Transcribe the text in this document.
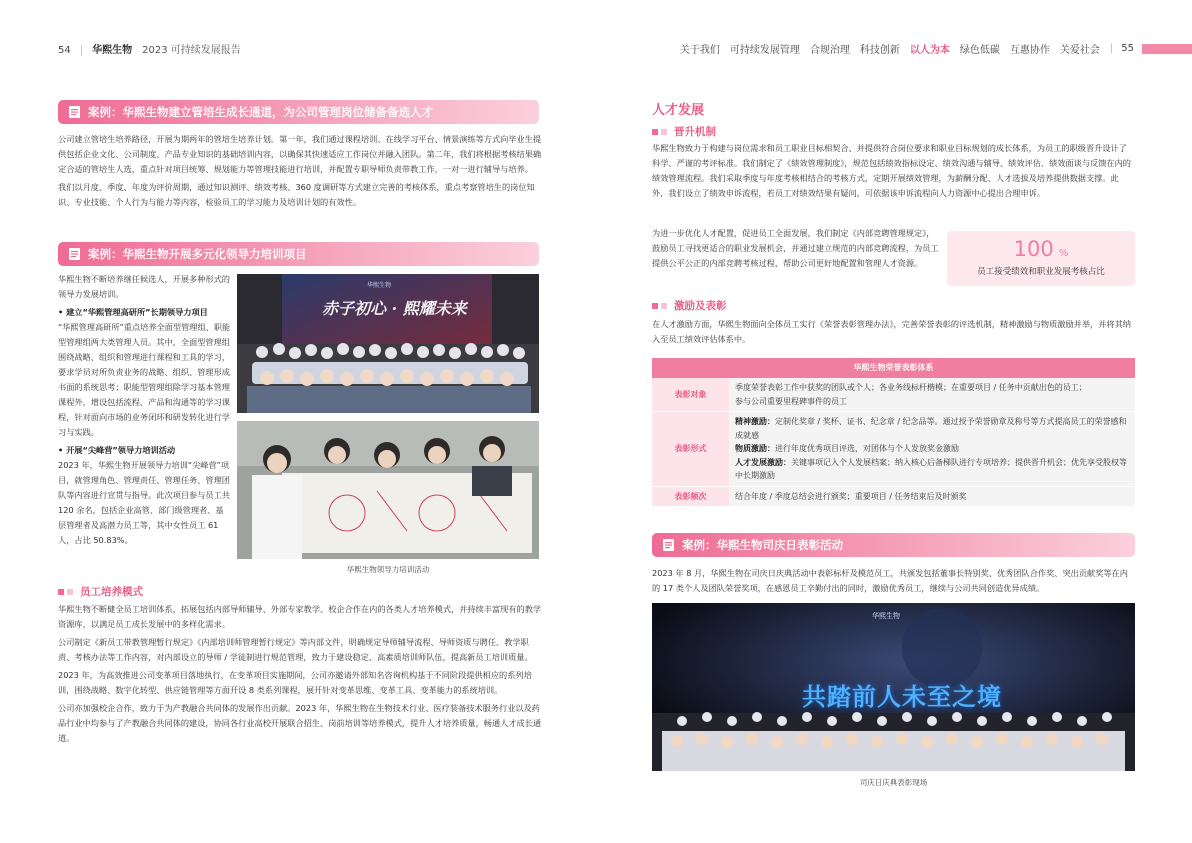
54 | 华熙生物 2023 可持续发展报告	关于我们 可持续发展管理 合规治理 科技创新 以人为本 绿色低碳 互惠协作 关爱社会 | 55
案例：华熙生物建立管培生成长通道，为公司管理岗位储备备选人才

公司建立管培生培养路径，开展为期两年的管培生培养计划。第一年，我们通过课程培训、在线学习平台、情景演练等方式向毕业生提供包括企业文化、公司制度、产品专业知识的基础培训内容，以确保其快速适应工作岗位并融入团队。第二年，我们将根据考核结果确定合适的管培生人选，重点针对项目统筹、规划能力等管理技能进行培训，并配置专职导师负责带教工作，一对一进行辅导与培养。

我们以月度、季度、年度为评价周期，通过知识测评、绩效考核、360 度调研等方式建立完善的考核体系，重点考察管培生的岗位知识、专业技能、个人行为与能力等内容，检验员工的学习能力及培训计划的有效性。

案例：华熙生物开展多元化领导力培训项目

华熙生物不断培养继任候选人，开展多种形式的领导力发展培训。

• 建立“华熙管理高研所”长期领导力项目

“华熙管理高研所”重点培养全面型管理组、职能型管理组两大类管理人员。其中，全面型管理组围绕战略、组织和管理进行课程和工具的学习，要求学员对所负责业务的战略、组织、管理形成书面的系统思考；职能型管理组除学习基本管理课程外，增设包括流程、产品和沟通等的学习课程，针对面向市场的业务闭环和研发转化进行学习与实践。

• 开展“尖峰营”领导力培训活动

2023 年，华熙生物开展领导力培训“尖峰营”项目，就管理角色、管理责任、管理任务、管理团队等内容进行宣贯与指导。此次项目参与员工共 120 余名，包括企业高管、部门级管理者、基层管理者及高潜力员工等，其中女性员工 61 人，占比 50.83%。

赤子初心 · 熙耀未来
华熙生物
华熙生物领导力培训活动
员工培养模式

华熙生物不断健全员工培训体系，拓展包括内部导师辅导、外部专家教学、校企合作在内的各类人才培养模式，并持续丰富现有的教学资源库，以满足员工成长发展中的多样化需求。

公司制定《新员工带教管理暂行规定》《内部培训师管理暂行规定》等内部文件，明确规定导师辅导流程、导师资质与聘任、教学职责、考核办法等工作内容，对内部设立的导师 / 学徒制进行规范管理，致力于建设稳定、高素质培训师队伍，提高新员工培训质量。

2023 年，为高效推进公司变革项目落地执行，在变革项目实施期间，公司亦邀请外部知名咨询机构基于不同阶段提供相应的系列培训，围绕战略、数字化转型、供应链管理等方面开设 8 类系列课程，展开针对变革思维、变革工具、变革能力的系统培训。

公司亦加强校企合作，致力于为产教融合共同体的发展作出贡献。2023 年，华熙生物在生物技术行业、医疗装备技术服务行业以及药品行业中均参与了产教融合共同体的建设，协同各行业高校开展联合招生、岗前培训等培养模式，提升人才培养质量，畅通人才成长通道。

人才发展
晋升机制

华熙生物致力于构建与岗位需求和员工职业目标相契合、并提供符合岗位要求和职业目标规划的成长体系，为员工的职级晋升设计了科学、严谨的考评标准。我们制定了《绩效管理制度》，规范包括绩效指标设定、绩效沟通与辅导、绩效评估、绩效面谈与反馈在内的绩效管理流程。我们采取季度与年度考核相结合的考核方式，定期开展绩效管理，为薪酬分配、人才选拔及培养提供数据支撑。此外，我们设立了绩效申诉流程，若员工对绩效结果有疑问，可依据该申诉流程向人力资源中心提出合理申诉。

为进一步优化人才配置，促进员工全面发展，我们制定《内部竞聘管理规定》，鼓励员工寻找更适合的职业发展机会，并通过建立规范的内部竞聘流程，为员工提供公平公正的内部竞聘考核过程，帮助公司更好地配置和管理人才资源。

100 %
员工接受绩效和职业发展考核占比
激励及表彰

在人才激励方面，华熙生物面向全体员工实行《荣誉表彰管理办法》，完善荣誉表彰的评选机制，精神激励与物质激励并举，并将其纳入至员工绩效评估体系中。

华熙生物荣誉表彰体系	
表彰对象	季度荣誉表彰工作中获奖的团队或个人；各业务线标杆楷模；在重要项目 / 任务中贡献出色的员工；
参与公司重要里程碑事件的员工

表彰形式	精神激励：定制化奖章 / 奖杯、证书、纪念章 / 纪念品等。通过授予荣誉勋章及称号等方式提高员工的荣誉感和成就感
物质激励：进行年度优秀项目评选，对团体与个人发放奖金激励
人才发展激励：关键事项记入个人发展档案；纳入核心后备梯队进行专项培养；提供晋升机会；优先享受股权等中长期激励

表彰频次	结合年度 / 季度总结会进行颁奖；重要项目 / 任务结束后及时颁奖
案例：华熙生物司庆日表彰活动

2023 年 8 月，华熙生物在司庆日庆典活动中表彰标杆及模范员工，共颁发包括董事长特别奖、优秀团队合作奖、突出贡献奖等在内的 17 类个人及团队荣誉奖项，在感恩员工辛勤付出的同时，激励优秀员工，继续与公司共同创造优异成绩。

共踏前人未至之境
华熙生物
司庆日庆典表彰现场
